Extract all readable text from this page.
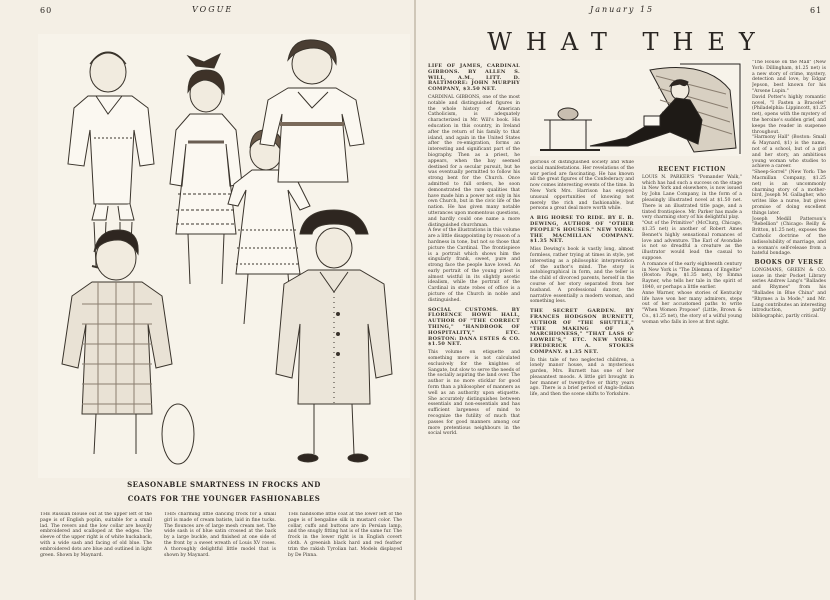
60	VOGUE
SEASONABLE SMARTNESS IN FROCKS AND
COATS FOR THE YOUNGER FASHIONABLES
THE Russian blouse out at the upper left of the page is of English poplin, suitable for a small lad. The revers and the low collar are heavily embroidered and scalloped at the edges. The sleeve of the upper right is of white huckaback, with a wide sash and facing of old blue. The embroidered dots are blue and outlined in light green. Shown by Maynard.
THIS charming little dancing frock for a small girl is made of cream batiste, laid in fine tucks. The flounces are of large mesh cream net. The wide sash is of blue satin crossed at the back by a large buckle, and finished at one side of the front by a sweet wreath of Louis XV roses. A thoroughly delightful little model that is shown by Maynard.
THE handsome little coat at the lower left of the page is of bengaline silk in mustard color. The collar, cuffs and buttons are in Persian lamp, and the snugly fitting hat is of the same fur. The frock in the lower right is in English covert cloth. A greenish black hard and red feather trim the rakish Tyrolian hat. Models displayed by De Pinna.
January 15	61
WHAT THEY
LIFE OF JAMES, CARDINAL GIBBONS. BY ALLEN S. WILL, A.M., LITT. D. BALTIMORE: JOHN MURPHY COMPANY, $3.50 NET.
CARDINAL GIBBONS, one of the most notable and distinguished figures in the whole history of American Catholicism, is adequately characterized in Mr. Will's book. His education in this country, in Ireland after the return of his family to that island, and again in the United States after the re-emigration, forms an interesting and significant part of the biography. Then as a priest, he appears, when the bay seemed destined for a secular pursuit, but he was eventually permitted to follow his strong bent for the Church. Once admitted to full orders, he soon demonstrated the rare qualities that have made him a power not only in his own Church, but in the civic life of the nation. He has given many notable utterances upon momentous questions, and hardly could one name a more distinguished churchman.
A few of the illustrations in this volume are a little disappointing by reason of a hardness in tone, but not so those that picture the Cardinal. The frontispiece is a portrait which shows him the singularly frank, sweet, pure and strong face the people have loved. An early portrait of the young priest is almost wistful in its slightly ascetic idealism, while the portrait of the Cardinal in state robes of office is a picture of the Church in noble and distinguished.
SOCIAL CUSTOMS. BY FLORENCE HOWE HALL, AUTHOR OF "THE CORRECT THING," "HANDBOOK OF HOSPITALITY," ETC. BOSTON: DANA ESTES & CO. $1.50 NET.
This volume on etiquette and something more is not calculated exclusively for the knightes of Sangate, but slow to serve the needs of the socially aspiring the land over. The author is no more sticklar for good form than a philosopher of manners as well as an authority upon etiquette. She accurately distinguishes between essentials and non-essentials and has sufficient largeness of mind to recognize the futility of much that passes for good manners among our more pretentious neighbours in the social world.
glorious of distinguished society and while social manifestations. Her revelations of the war period are fascinating. He has known all the great figures of the Confederacy and now comes interesting events of the time. In New York Mrs. Harrison has enjoyed unusual opportunities of knowing not merely the rich and fashionable, but persons a great deal more worth while.
A BIG HORSE TO RIDE. BY E. B. DEWING, AUTHOR OF "OTHER PEOPLE'S HOUSES." NEW YORK: THE MACMILLAN COMPANY. $1.35 NET.
Miss Dewing's book is vastly long, almost formless, rather trying at times in style, yet interesting as a philosophic interpretation of the author's mind. The story is autobiographical in form, and the teller is the child of divorced parents, herself in the course of her story separated from her husband. A professional dancer, the narrative essentially a modern woman, and something less.
THE SECRET GARDEN. BY FRANCES HODGSON BURNETT, AUTHOR OF "THE SHUTTLE," "THE MAKING OF A MARCHIONESS," "THAT LASS O' LOWRIE'S," ETC. NEW YORK: FREDERICK A. STOKES COMPANY. $1.35 NET.
In this tale of two neglected children, a lonely manor house, and a mysterious garden, Mrs. Burnett has one of her pleasantest moods. A little girl brought in her manner of twenty-five or thirty years ago. There is a brief period of Anglo-Indian life, and then the scene shifts to Yorkshire.
RECENT FICTION
LOUIS N. PARKER'S "Pomander Walk," which has had such a success on the stage in New York and elsewhere, is now issued by John Lane Company, in the form of a pleasingly illustrated novel at $1.50 net. There is an illustrated title page, and a tinted frontispiece. Mr. Parker has made a very charming story of his delightful play.
"Out of the Primitive" (McClurg, Chicago, $1.35 net) is another of Robert Ames Bennet's highly sensational romances of love and adventure. The Earl of Avondale is not so dreadful a creature as the illustrator would lead the casual to suppose.
A romance of the early eighteenth century in New York is "The Dilemma of Engeltie" (Boston: Page, $1.35 net), by Emma Rayner, who tells her tale in the spirit of 1840, or perhaps a little earlier.
Anne Warner, whose stories of Kentucky life have won her many admirers, steps out of her accustomed paths to write "When Women Propose" (Little, Brown & Co., $1.25 net), the story of a wilful young woman who falls in love at first sight.
"The House on the Mall" (New York: Dillingham, $1.25 net) is a new story of crime, mystery, detection and love, by Edgar Jepson, best known for his "Arsene Lupin."
David Potter's highly romantic novel, "I Fasten a Bracelet" (Philadelphia: Lippincott, $1.25 net), opens with the mystery of the heroine's sudden grief, and keeps the reader in suspense throughout.
"Harmony Hall" (Boston: Small & Maynard, $1) is the name, not of a school, but of a girl and her story, an ambitious young woman who studies to achieve a career.
"Sheep-Sorrel" (New York: The Macmillan Company, $1.25 net) is an uncommonly charming story of a mother-bird, Joseph M. Gallagher, who writes like a nurse, but gives promise of doing excellent things later.
Joseph Medill Patterson's "Rebellion" (Chicago: Reilly & Britton, $1.25 net), exposes the Catholic doctrine of the indissolubility of marriage, and a woman's self-release from a hateful bondage.
BOOKS OF VERSE
LONGMANS, GREEN & CO. issue in their Pocket Library series Andrew Lang's "Ballades and Rhymes" from his "Ballades in Blue China" and "Rhymes a la Mode," and Mr. Lang contributes an interesting introduction, partly bibliographic, partly critical.
